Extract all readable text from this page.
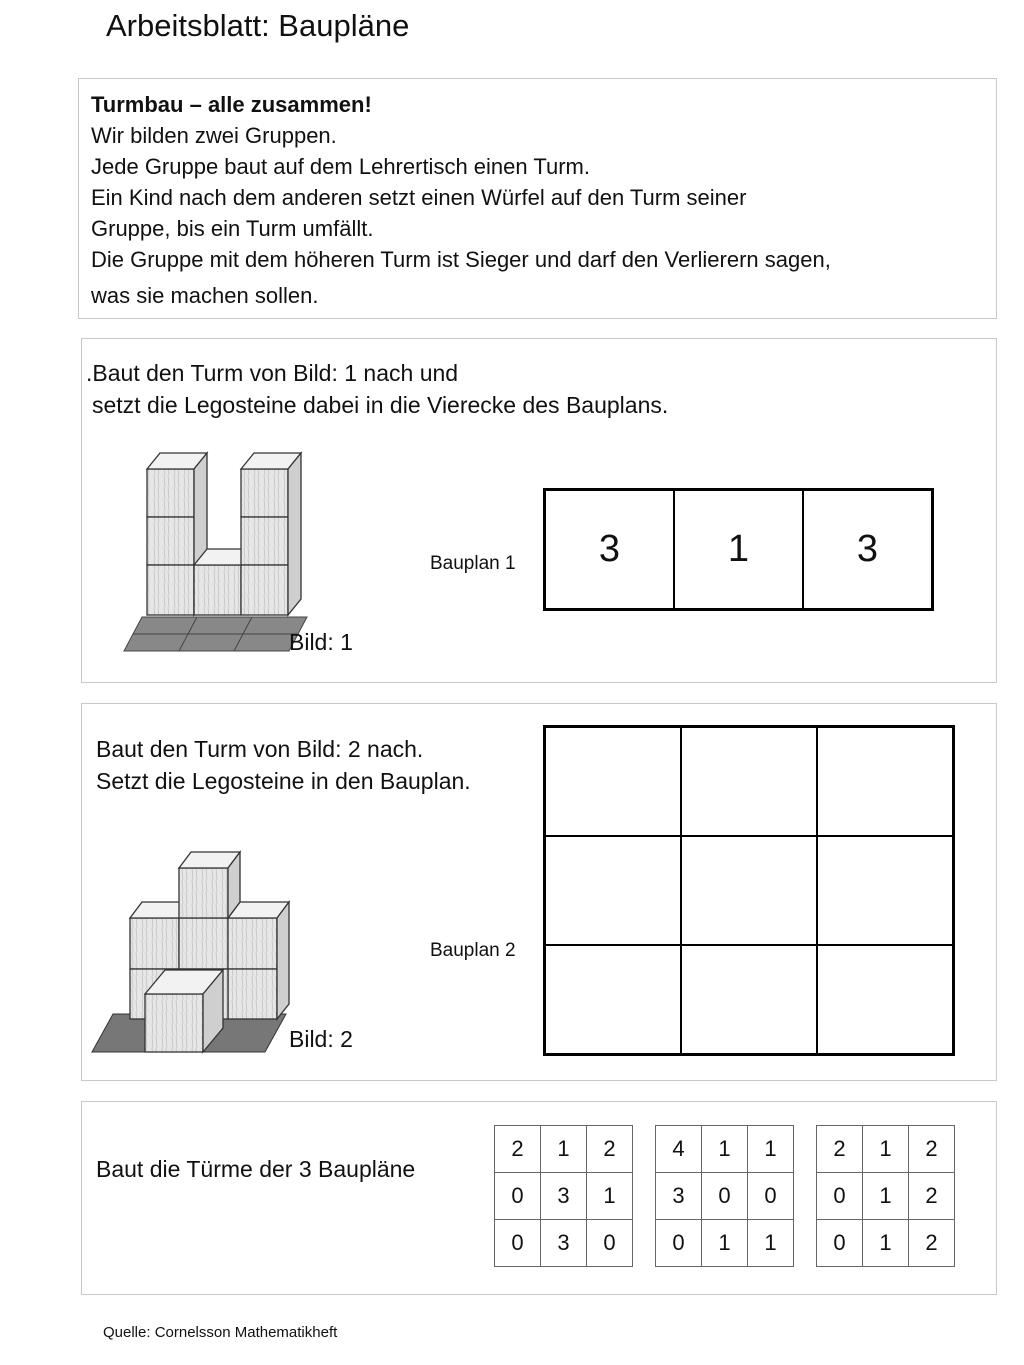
Arbeitsblatt: Baupläne
Turmbau – alle zusammen!
Wir bilden zwei Gruppen.
Jede Gruppe baut auf dem Lehrertisch einen Turm.
Ein Kind nach dem anderen setzt einen Würfel auf den Turm seiner
Gruppe, bis ein Turm umfällt.
Die Gruppe mit dem höheren Turm ist Sieger und darf den Verlierern sagen,
was sie machen sollen.
.Baut den Turm von Bild: 1 nach und
setzt die Legosteine dabei in die Vierecke des Bauplans.
Bild: 1
Bauplan 1 3	1	3
Baut den Turm von Bild: 2 nach.
Setzt die Legosteine in den Bauplan.
Bild: 2
Bauplan 2

Baut die Türme der 3 Baupläne
2	1	2
0	3	1
0	3	0
4	1	1
3	0	0
0	1	1
2	1	2
0	1	2
0	1	2
Quelle: Cornelsson Mathematikheft
